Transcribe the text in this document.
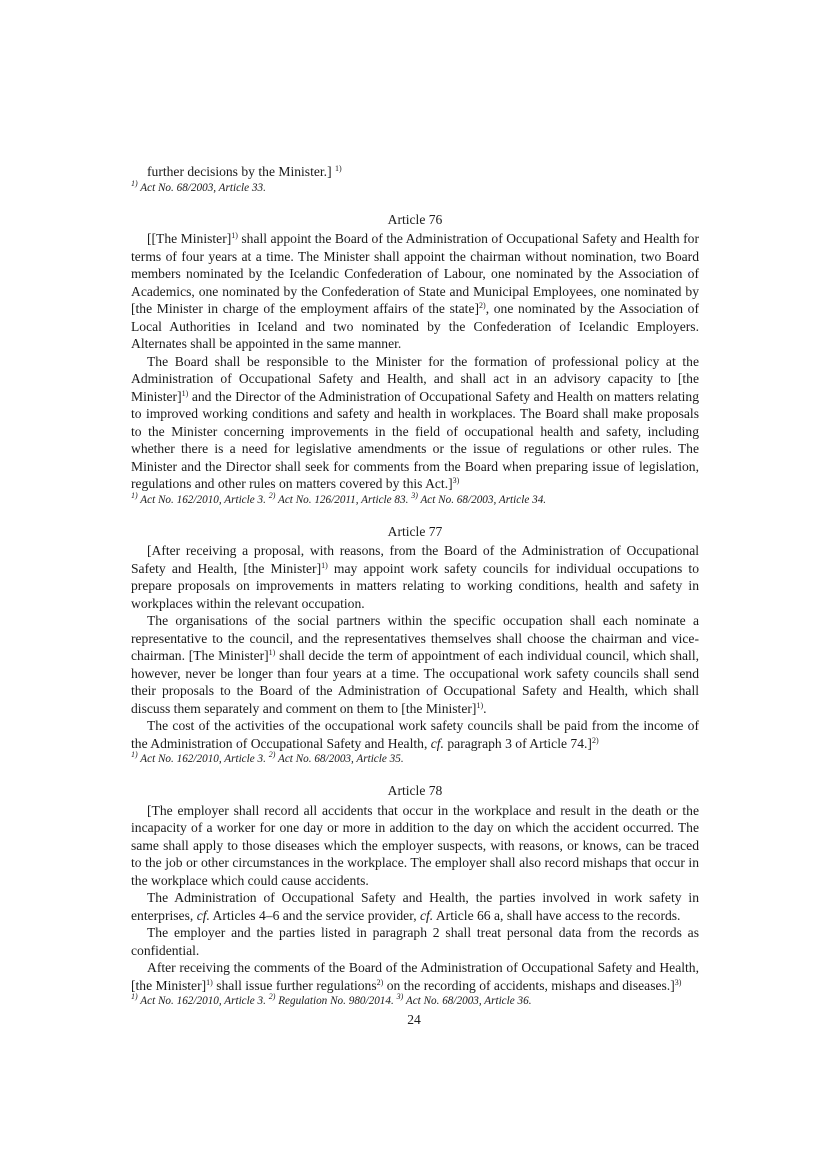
further decisions by the Minister.] $^{1)}$

$^{1)}$ Act No. 68/2003, Article 33.

Article 76

[[The Minister]$^{1)}$ shall appoint the Board of the Administration of Occupational Safety and Health for terms of four years at a time. The Minister shall appoint the chairman without nomination, two Board members nominated by the Icelandic Confederation of Labour, one nominated by the Association of Academics, one nominated by the Confederation of State and Municipal Employees, one nominated by [the Minister in charge of the employment affairs of the state]$^{2)}$, one nominated by the Association of Local Authorities in Iceland and two nominated by the Confederation of Icelandic Employers. Alternates shall be appointed in the same manner.

The Board shall be responsible to the Minister for the formation of professional policy at the Administration of Occupational Safety and Health, and shall act in an advisory capacity to [the Minister]$^{1)}$ and the Director of the Administration of Occupational Safety and Health on matters relating to improved working conditions and safety and health in workplaces. The Board shall make proposals to the Minister concerning improvements in the field of occupational health and safety, including whether there is a need for legislative amendments or the issue of regulations or other rules. The Minister and the Director shall seek for comments from the Board when preparing issue of legislation, regulations and other rules on matters covered by this Act.]$^{3)}$

$^{1)}$ Act No. 162/2010, Article 3. $^{2)}$ Act No. 126/2011, Article 83. $^{3)}$ Act No. 68/2003, Article 34.

Article 77

[After receiving a proposal, with reasons, from the Board of the Administration of Occupational Safety and Health, [the Minister]$^{1)}$ may appoint work safety councils for individual occupations to prepare proposals on improvements in matters relating to working conditions, health and safety in workplaces within the relevant occupation.

The organisations of the social partners within the specific occupation shall each nominate a representative to the council, and the representatives themselves shall choose the chairman and vice-chairman. [The Minister]$^{1)}$ shall decide the term of appointment of each individual council, which shall, however, never be longer than four years at a time. The occupational work safety councils shall send their proposals to the Board of the Administration of Occupational Safety and Health, which shall discuss them separately and comment on them to [the Minister]$^{1)}$.

The cost of the activities of the occupational work safety councils shall be paid from the income of the Administration of Occupational Safety and Health, cf. paragraph 3 of Article 74.]$^{2)}$

$^{1)}$ Act No. 162/2010, Article 3. $^{2)}$ Act No. 68/2003, Article 35.

Article 78

[The employer shall record all accidents that occur in the workplace and result in the death or the incapacity of a worker for one day or more in addition to the day on which the accident occurred. The same shall apply to those diseases which the employer suspects, with reasons, or knows, can be traced to the job or other circumstances in the workplace. The employer shall also record mishaps that occur in the workplace which could cause accidents.

The Administration of Occupational Safety and Health, the parties involved in work safety in enterprises, cf. Articles 4–6 and the service provider, cf. Article 66 a, shall have access to the records.

The employer and the parties listed in paragraph 2 shall treat personal data from the records as confidential.

After receiving the comments of the Board of the Administration of Occupational Safety and Health, [the Minister]$^{1)}$ shall issue further regulations$^{2)}$ on the recording of accidents, mishaps and diseases.]$^{3)}$

$^{1)}$ Act No. 162/2010, Article 3. $^{2)}$ Regulation No. 980/2014. $^{3)}$ Act No. 68/2003, Article 36.

24
